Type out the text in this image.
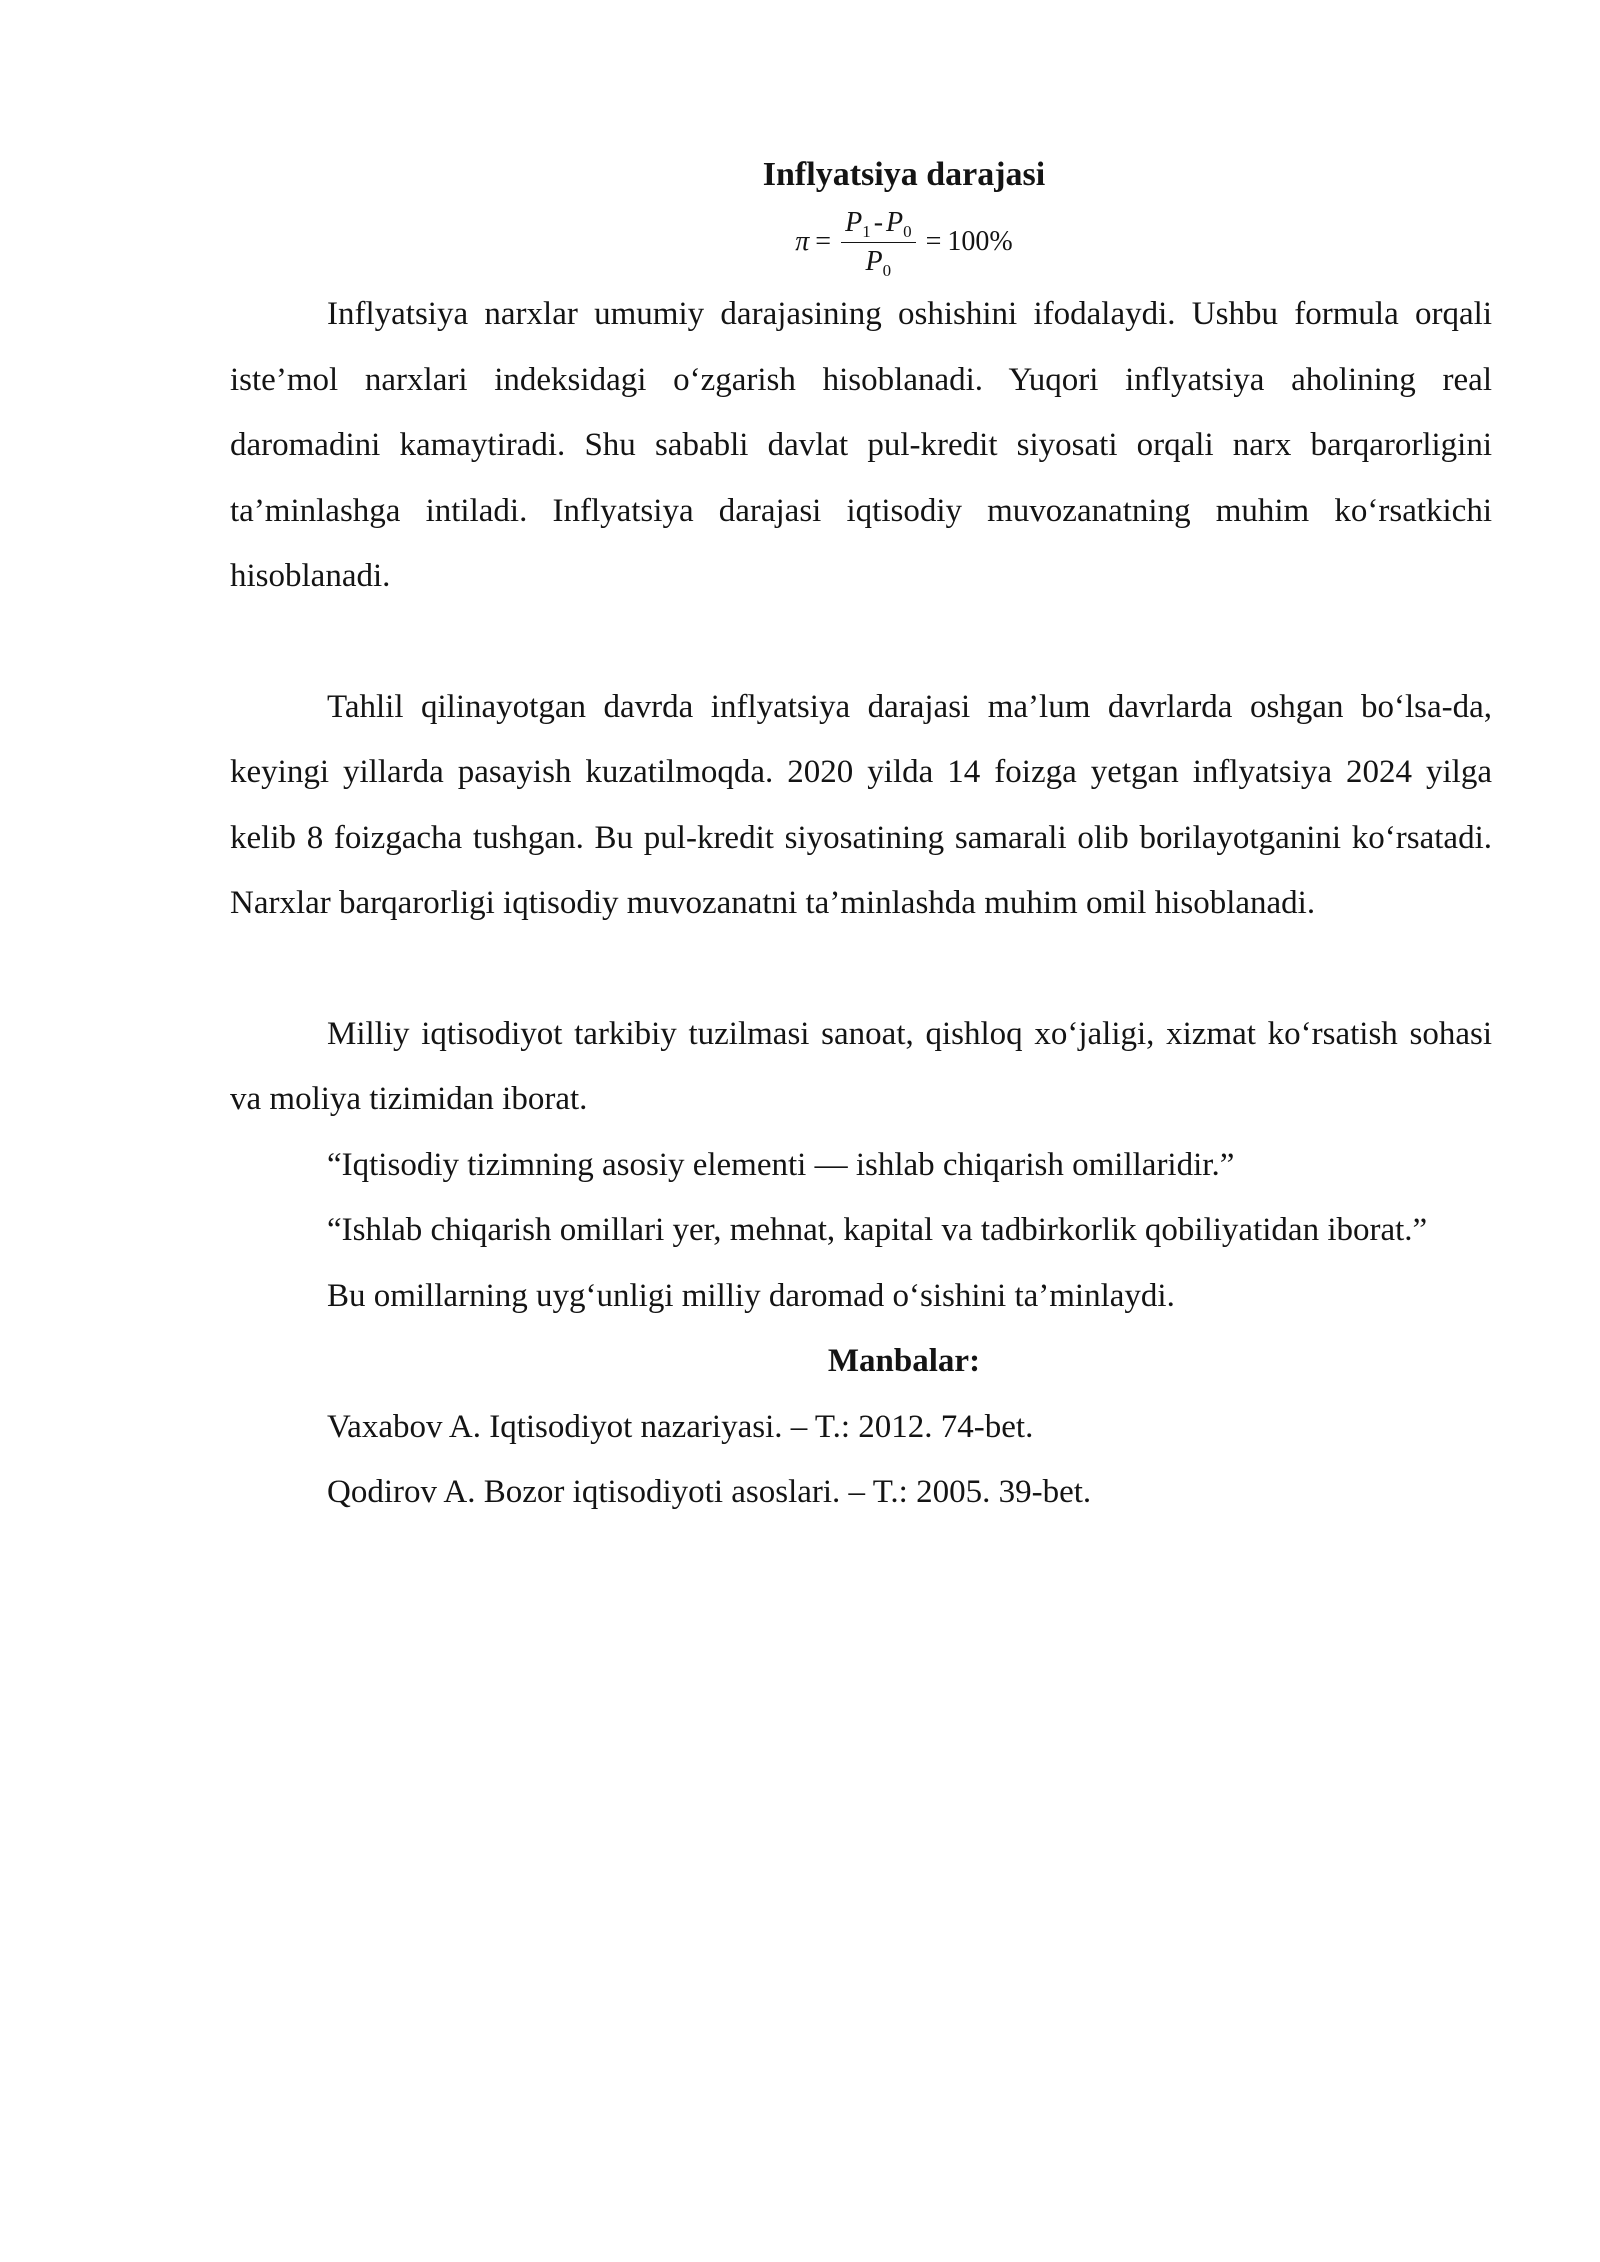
Inflyatsiya darajasi
$\pi = \frac{P_1 - P_0}{P_0} = 100\%$

Inflyatsiya narxlar umumiy darajasining oshishini ifodalaydi. Ushbu formula orqali iste’mol narxlari indeksidagi o‘zgarish hisoblanadi. Yuqori inflyatsiya aholining real daromadini kamaytiradi. Shu sababli davlat pul-kredit siyosati orqali narx barqarorligini ta’minlashga intiladi. Inflyatsiya darajasi iqtisodiy muvozanatning muhim ko‘rsatkichi hisoblanadi.

Tahlil qilinayotgan davrda inflyatsiya darajasi ma’lum davrlarda oshgan bo‘lsa-da, keyingi yillarda pasayish kuzatilmoqda. 2020 yilda 14 foizga yetgan inflyatsiya 2024 yilga kelib 8 foizgacha tushgan. Bu pul-kredit siyosatining samarali olib borilayotganini ko‘rsatadi. Narxlar barqarorligi iqtisodiy muvozanatni ta’minlashda muhim omil hisoblanadi.

Milliy iqtisodiyot tarkibiy tuzilmasi sanoat, qishloq xo‘jaligi, xizmat ko‘rsatish sohasi va moliya tizimidan iborat.

“Iqtisodiy tizimning asosiy elementi — ishlab chiqarish omillaridir.”

“Ishlab chiqarish omillari yer, mehnat, kapital va tadbirkorlik qobiliyatidan iborat.”

Bu omillarning uyg‘unligi milliy daromad o‘sishini ta’minlaydi.

Manbalar:

Vaxabov A. Iqtisodiyot nazariyasi. – T.: 2012. 74-bet.

Qodirov A. Bozor iqtisodiyoti asoslari. – T.: 2005. 39-bet.
